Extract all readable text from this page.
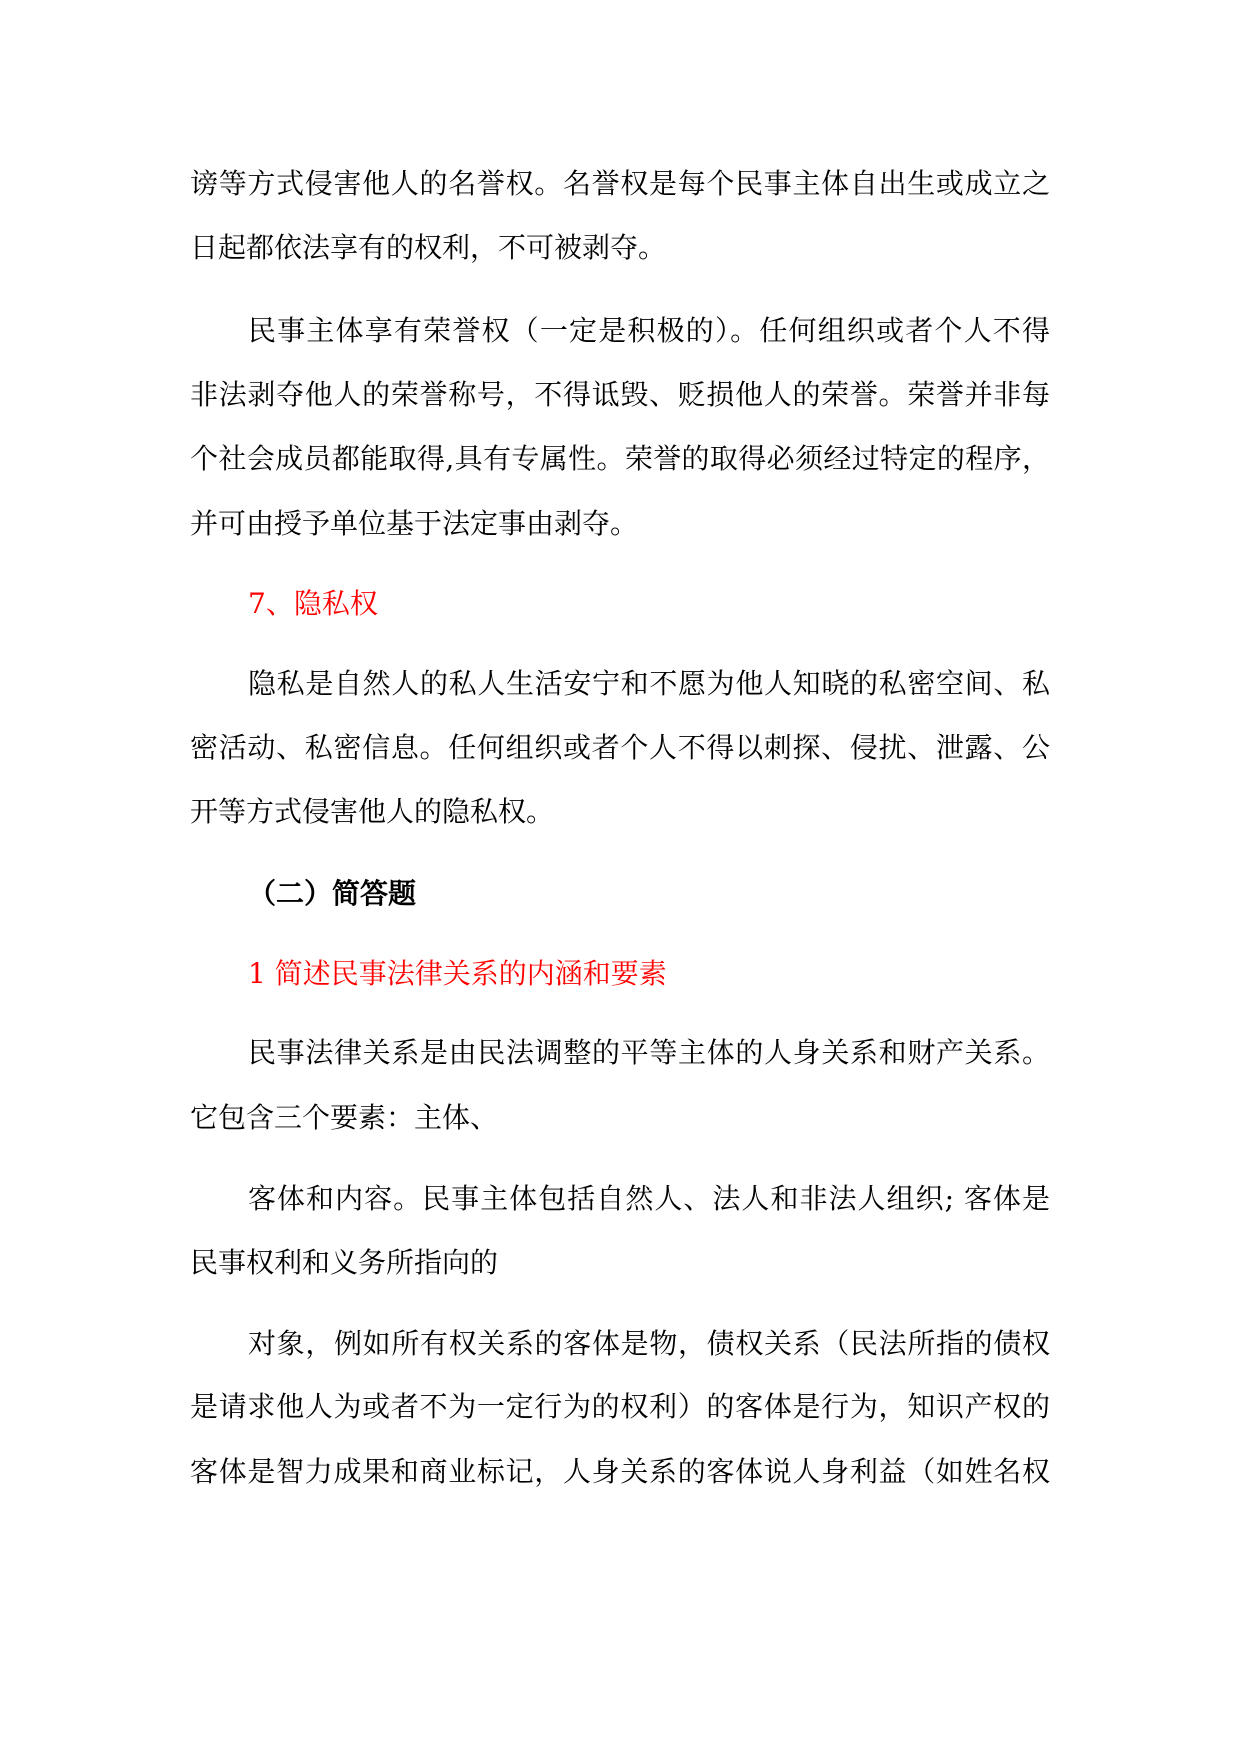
谤等方式侵害他人的名誉权。名誉权是每个民事主体自出生或成立之
日起都依法享有的权利，不可被剥夺。
民事主体享有荣誉权（一定是积极的）。任何组织或者个人不得
非法剥夺他人的荣誉称号，不得诋毁、贬损他人的荣誉。荣誉并非每
个社会成员都能取得,具有专属性。荣誉的取得必须经过特定的程序，
并可由授予单位基于法定事由剥夺。
7、隐私权
隐私是自然人的私人生活安宁和不愿为他人知晓的私密空间、私
密活动、私密信息。任何组织或者个人不得以刺探、侵扰、泄露、公
开等方式侵害他人的隐私权。
（二）简答题
1 简述民事法律关系的内涵和要素
民事法律关系是由民法调整的平等主体的人身关系和财产关系。
它包含三个要素：主体、
客体和内容。民事主体包括自然人、法人和非法人组织; 客体是
民事权利和义务所指向的
对象，例如所有权关系的客体是物，债权关系（民法所指的债权
是请求他人为或者不为一定行为的权利）的客体是行为，知识产权的
客体是智力成果和商业标记，人身关系的客体说人身利益（如姓名权
